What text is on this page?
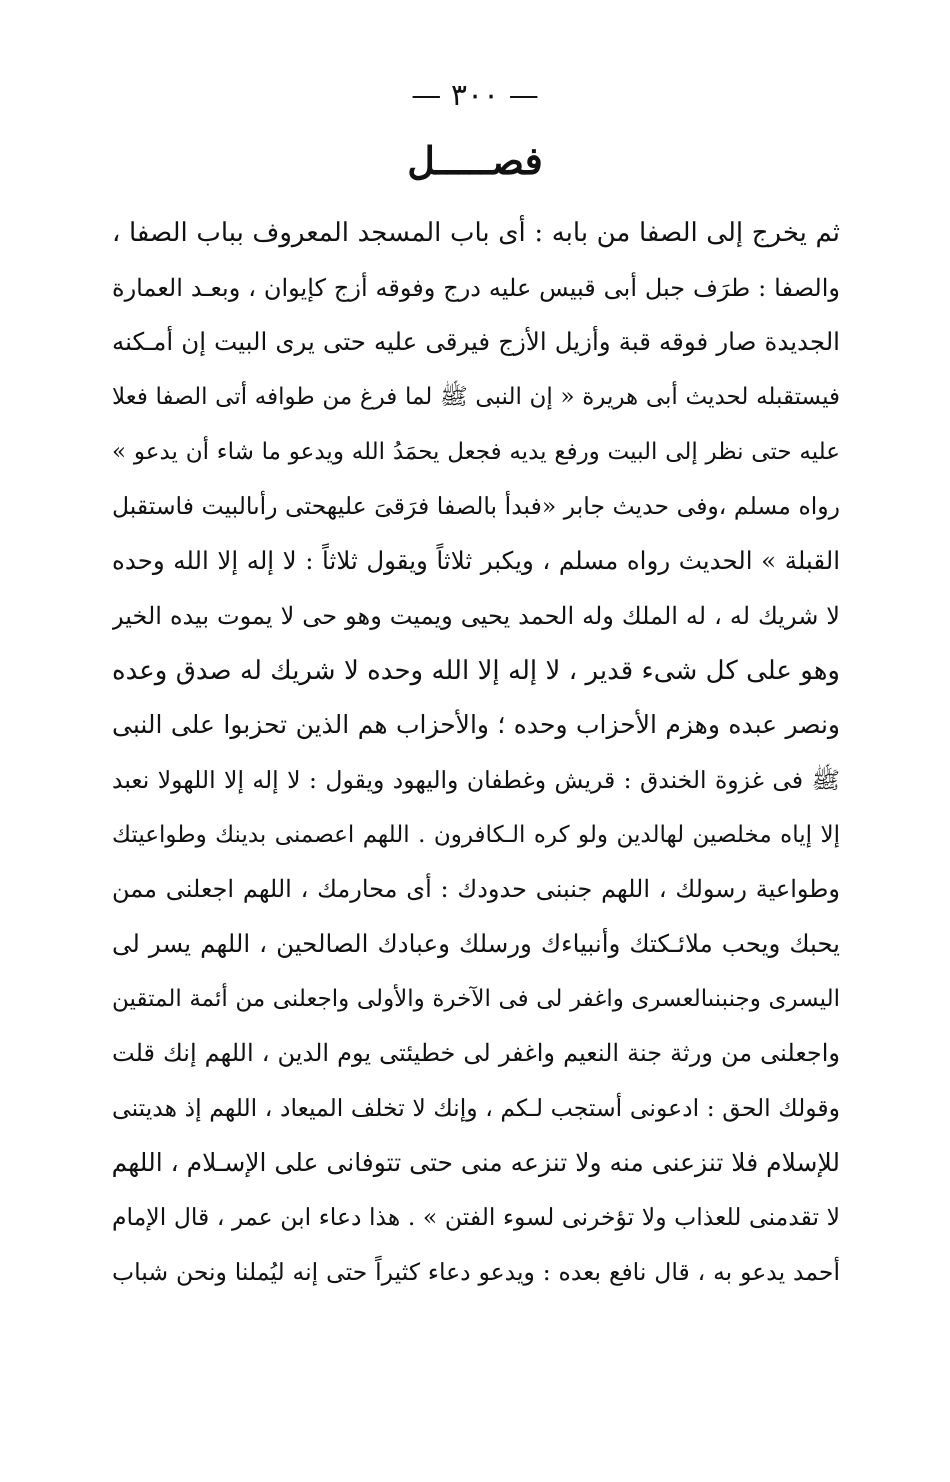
— ٣٠٠ —
فصـــــل
ثم يخرج إلى الصفا من بابه : أى باب المسجد المعروف بباب الصفا ،
والصفا : طرَف جبل أبى قبيس عليه درج وفوقه أزج كإيوان ، وبعـد العمارة
الجديدة صار فوقه قبة وأزيل الأزج فيرقى عليه حتى يرى البيت إن أمـكنه
فيستقبله لحديث أبى هريرة « إن النبى ﷺ لما فرغ من طوافه أتى الصفا فعلا
عليه حتى نظر إلى البيت ورفع يديه فجعل يحمَدُ الله ويدعو ما شاء أن يدعو »
رواه مسلم ،وفى حديث جابر «فبدأ بالصفا فرَقىَ عليهحتى رأىالبيت فاستقبل
القبلة » الحديث رواه مسلم ، ويكبر ثلاثاً ويقول ثلاثاً : لا إله إلا الله وحده
لا شريك له ، له الملك وله الحمد يحيى ويميت وهو حى لا يموت بيده الخير
وهو على كل شىء قدير ، لا إله إلا الله وحده لا شريك له صدق وعده
ونصر عبده وهزم الأحزاب وحده ؛ والأحزاب هم الذين تحزبوا على النبى
ﷺ فى غزوة الخندق : قريش وغطفان واليهود ويقول : لا إله إلا اللهولا نعبد
إلا إياه مخلصين لهالدين ولو كره الـكافرون . اللهم اعصمنى بدينك وطواعيتك
وطواعية رسولك ، اللهم جنبنى حدودك : أى محارمك ، اللهم اجعلنى ممن
يحبك ويحب ملائـكتك وأنبياءك ورسلك وعبادك الصالحين ، اللهم يسر لى
اليسرى وجنبنىالعسرى واغفر لى فى الآخرة والأولى واجعلنى من أئمة المتقين
واجعلنى من ورثة جنة النعيم واغفر لى خطيئتى يوم الدين ، اللهم إنك قلت
وقولك الحق : ادعونى أستجب لـكم ، وإنك لا تخلف الميعاد ، اللهم إذ هديتنى
للإسلام فلا تنزعنى منه ولا تنزعه منى حتى تتوفانى على الإسـلام ، اللهم
لا تقدمنى للعذاب ولا تؤخرنى لسوء الفتن » . هذا دعاء ابن عمر ، قال الإمام
أحمد يدعو به ، قال نافع بعده : ويدعو دعاء كثيراً حتى إنه ليُملنا ونحن شباب
